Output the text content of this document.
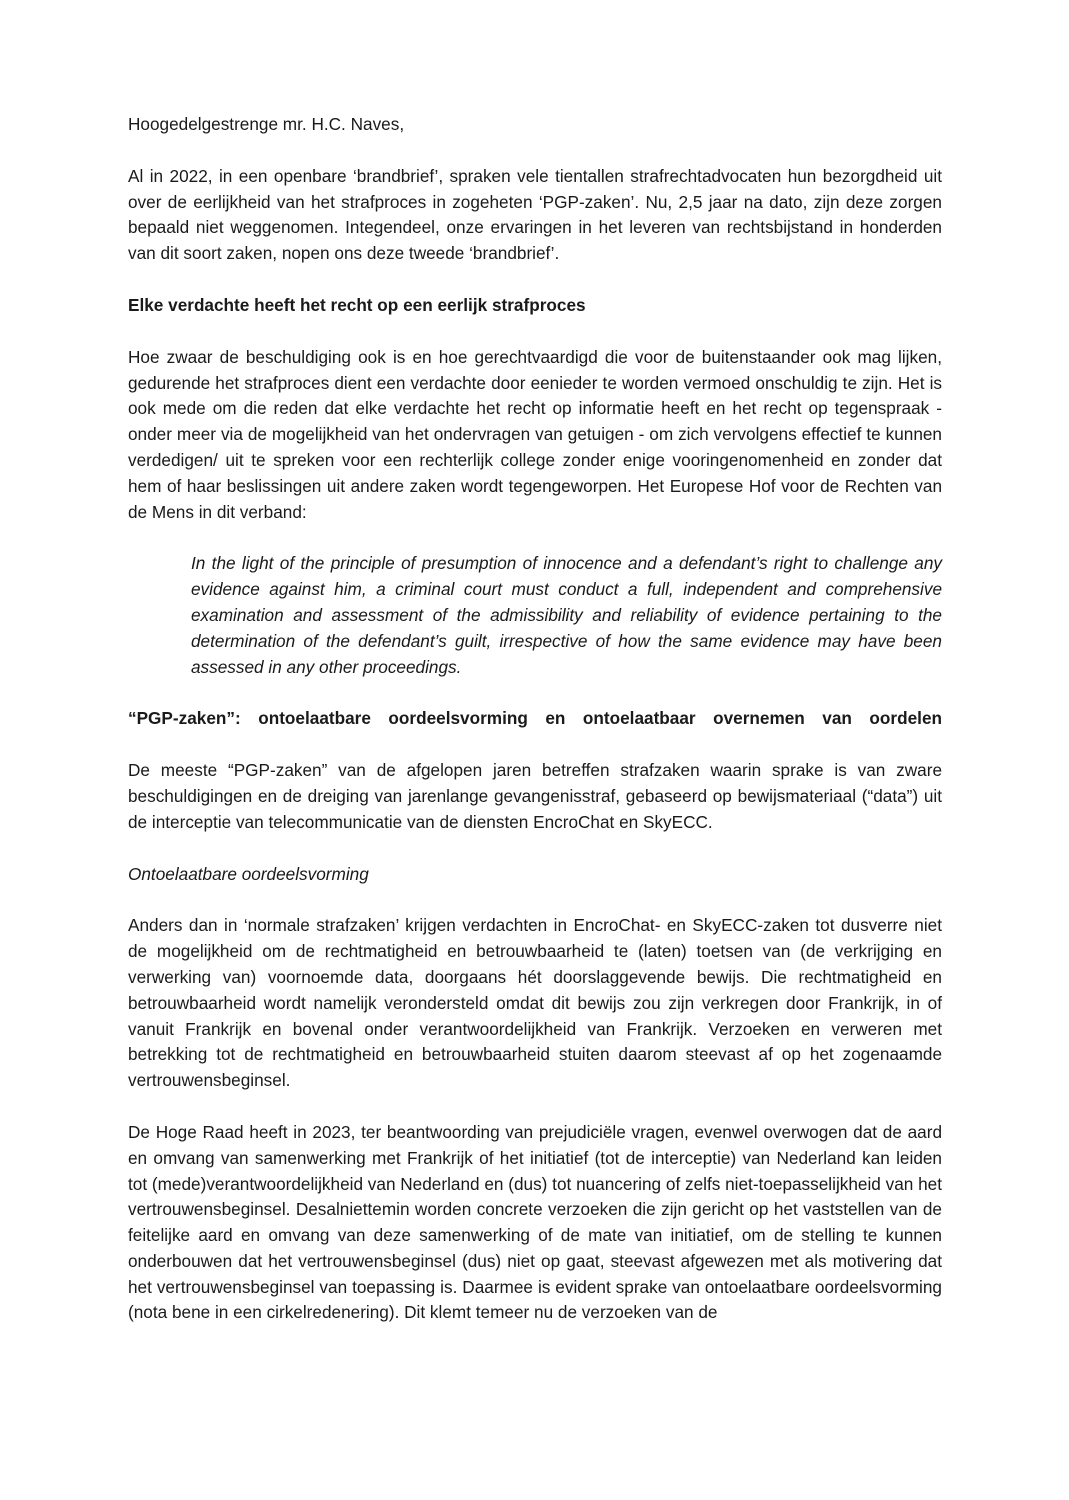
Hoogedelgestrenge mr. H.C. Naves,

Al in 2022, in een openbare ‘brandbrief’, spraken vele tientallen strafrechtadvocaten hun bezorgdheid uit over de eerlijkheid van het strafproces in zogeheten ‘PGP-zaken’. Nu, 2,5 jaar na dato, zijn deze zorgen bepaald niet weggenomen. Integendeel, onze ervaringen in het leveren van rechtsbijstand in honderden van dit soort zaken, nopen ons deze tweede ‘brandbrief’.

Elke verdachte heeft het recht op een eerlijk strafproces

Hoe zwaar de beschuldiging ook is en hoe gerechtvaardigd die voor de buitenstaander ook mag lijken, gedurende het strafproces dient een verdachte door eenieder te worden vermoed onschuldig te zijn. Het is ook mede om die reden dat elke verdachte het recht op informatie heeft en het recht op tegenspraak - onder meer via de mogelijkheid van het ondervragen van getuigen - om zich vervolgens effectief te kunnen verdedigen/ uit te spreken voor een rechterlijk college zonder enige vooringenomenheid en zonder dat hem of haar beslissingen uit andere zaken wordt tegengeworpen. Het Europese Hof voor de Rechten van de Mens in dit verband:

In the light of the principle of presumption of innocence and a defendant’s right to challenge any evidence against him, a criminal court must conduct a full, independent and comprehensive examination and assessment of the admissibility and reliability of evidence pertaining to the determination of the defendant’s guilt, irrespective of how the same evidence may have been assessed in any other proceedings.

“PGP-zaken”: ontoelaatbare oordeelsvorming en ontoelaatbaar overnemen van oordelen

De meeste “PGP-zaken” van de afgelopen jaren betreffen strafzaken waarin sprake is van zware beschuldigingen en de dreiging van jarenlange gevangenisstraf, gebaseerd op bewijsmateriaal (“data”) uit de interceptie van telecommunicatie van de diensten EncroChat en SkyECC.

Ontoelaatbare oordeelsvorming

Anders dan in ‘normale strafzaken’ krijgen verdachten in EncroChat- en SkyECC-zaken tot dusverre niet de mogelijkheid om de rechtmatigheid en betrouwbaarheid te (laten) toetsen van (de verkrijging en verwerking van) voornoemde data, doorgaans hét doorslaggevende bewijs. Die rechtmatigheid en betrouwbaarheid wordt namelijk verondersteld omdat dit bewijs zou zijn verkregen door Frankrijk, in of vanuit Frankrijk en bovenal onder verantwoordelijkheid van Frankrijk. Verzoeken en verweren met betrekking tot de rechtmatigheid en betrouwbaarheid stuiten daarom steevast af op het zogenaamde vertrouwensbeginsel.

De Hoge Raad heeft in 2023, ter beantwoording van prejudiciële vragen, evenwel overwogen dat de aard en omvang van samenwerking met Frankrijk of het initiatief (tot de interceptie) van Nederland kan leiden tot (mede)verantwoordelijkheid van Nederland en (dus) tot nuancering of zelfs niet-toepasselijkheid van het vertrouwensbeginsel. Desalniettemin worden concrete verzoeken die zijn gericht op het vaststellen van de feitelijke aard en omvang van deze samenwerking of de mate van initiatief, om de stelling te kunnen onderbouwen dat het vertrouwensbeginsel (dus) niet op gaat, steevast afgewezen met als motivering dat het vertrouwensbeginsel van toepassing is. Daarmee is evident sprake van ontoelaatbare oordeelsvorming (nota bene in een cirkelredenering). Dit klemt temeer nu de verzoeken van de
